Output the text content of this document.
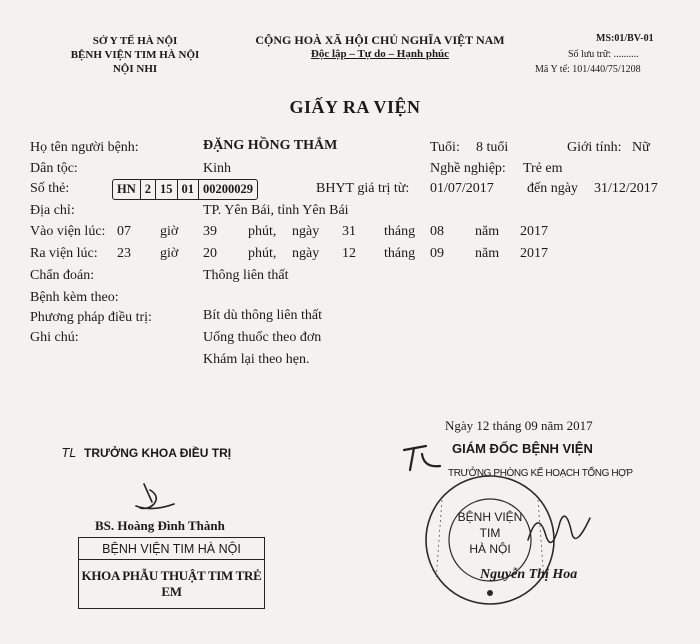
SỞ Y TẾ HÀ NỘI
BỆNH VIỆN TIM HÀ NỘI
NỘI NHI
CỘNG HOÀ XÃ HỘI CHỦ NGHĨA VIỆT NAM
Độc lập – Tự do – Hạnh phúc
MS:01/BV-01
Số lưu trữ: ..........
Mã Y tế: 101/440/75/1208
GIẤY RA VIỆN
Họ tên người bệnh:	ĐẶNG HỒNG THẮM	Tuổi: 8 tuổi	Giới tính: Nữ
Dân tộc:	Kinh	Nghề nghiệp: Trẻ em
Số thẻ:	HN 2 15 01 00200029	BHYT giá trị từ: 01/07/2017 đến ngày 31/12/2017
Địa chỉ:	TP. Yên Bái, tỉnh Yên Bái
Vào viện lúc: 07 giờ 39 phút, ngày 31 tháng 08 năm 2017
Ra viện lúc: 23 giờ 20 phút, ngày 12 tháng 09 năm 2017
Chẩn đoán:	Thông liên thất
Bệnh kèm theo:
Phương pháp điều trị:	Bít dù thông liên thất
Ghi chú:	Uống thuốc theo đơn
Khám lại theo hẹn.
Ngày 12 tháng 09 năm 2017
TL TRƯỞNG KHOA ĐIỀU TRỊ
BS. Hoàng Đình Thành
BỆNH VIỆN TIM HÀ NỘI
KHOA PHẪU THUẬT TIM TRẺ EM
GIÁM ĐỐC BỆNH VIỆN
TRƯỞNG PHÒNG KẾ HOẠCH TỔNG HỢP
BỆNH VIỆN
TIM
HÀ NỘI
Nguyễn Thị Hoa
